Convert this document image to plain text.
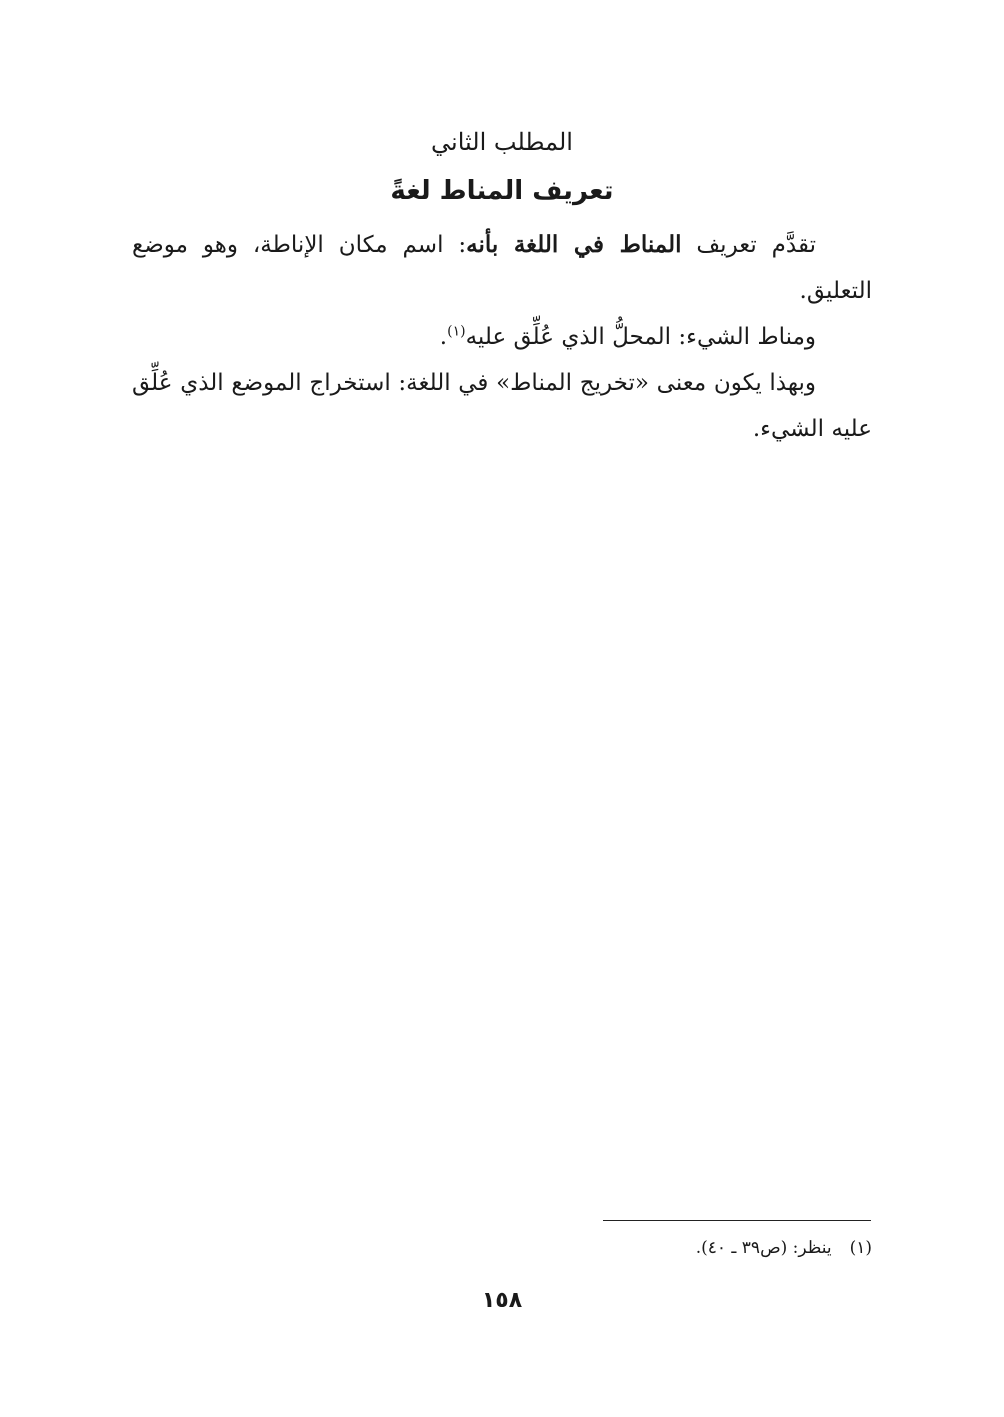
المطلب الثاني
تعريف المناط لغةً

تقدَّم تعريف المناط في اللغة بأنه: اسم مكان الإناطة، وهو موضع التعليق.

ومناط الشيء: المحلُّ الذي عُلِّق عليه$^{(١)}$.

وبهذا يكون معنى «تخريج المناط» في اللغة: استخراج الموضع الذي عُلِّق عليه الشيء.

(١)ينظر: (ص٣٩ ـ ٤٠).
١٥٨
